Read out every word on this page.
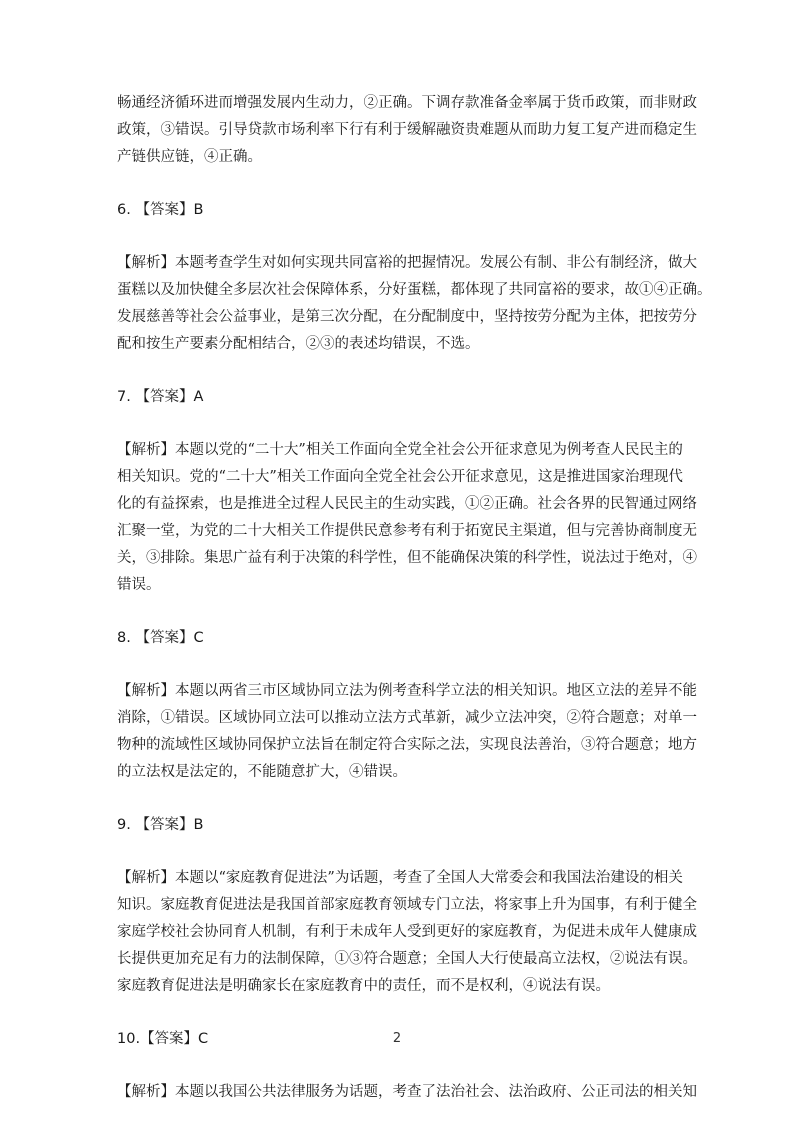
畅通经济循环进而增强发展内生动力，②正确。下调存款准备金率属于货币政策，而非财政
政策，③错误。引导贷款市场利率下行有利于缓解融资贵难题从而助力复工复产进而稳定生
产链供应链，④正确。
6. 【答案】B
【解析】本题考查学生对如何实现共同富裕的把握情况。发展公有制、非公有制经济，做大
蛋糕以及加快健全多层次社会保障体系，分好蛋糕，都体现了共同富裕的要求，故①④正确。
发展慈善等社会公益事业，是第三次分配，在分配制度中，坚持按劳分配为主体，把按劳分
配和按生产要素分配相结合，②③的表述均错误，不选。
7. 【答案】A
【解析】本题以党的“二十大”相关工作面向全党全社会公开征求意见为例考查人民民主的
相关知识。党的“二十大”相关工作面向全党全社会公开征求意见，这是推进国家治理现代
化的有益探索，也是推进全过程人民民主的生动实践，①②正确。社会各界的民智通过网络
汇聚一堂，为党的二十大相关工作提供民意参考有利于拓宽民主渠道，但与完善协商制度无
关，③排除。集思广益有利于决策的科学性，但不能确保决策的科学性，说法过于绝对，④
错误。
8. 【答案】C
【解析】本题以两省三市区域协同立法为例考查科学立法的相关知识。地区立法的差异不能
消除，①错误。区域协同立法可以推动立法方式革新，减少立法冲突，②符合题意；对单一
物种的流域性区域协同保护立法旨在制定符合实际之法，实现良法善治，③符合题意；地方
的立法权是法定的，不能随意扩大，④错误。
9. 【答案】B
【解析】本题以“家庭教育促进法”为话题，考查了全国人大常委会和我国法治建设的相关
知识。家庭教育促进法是我国首部家庭教育领域专门立法，将家事上升为国事，有利于健全
家庭学校社会协同育人机制，有利于未成年人受到更好的家庭教育，为促进未成年人健康成
长提供更加充足有力的法制保障，①③符合题意；全国人大行使最高立法权，②说法有误。
家庭教育促进法是明确家长在家庭教育中的责任，而不是权利，④说法有误。
10.【答案】C
【解析】本题以我国公共法律服务为话题，考查了法治社会、法治政府、公正司法的相关知
2
